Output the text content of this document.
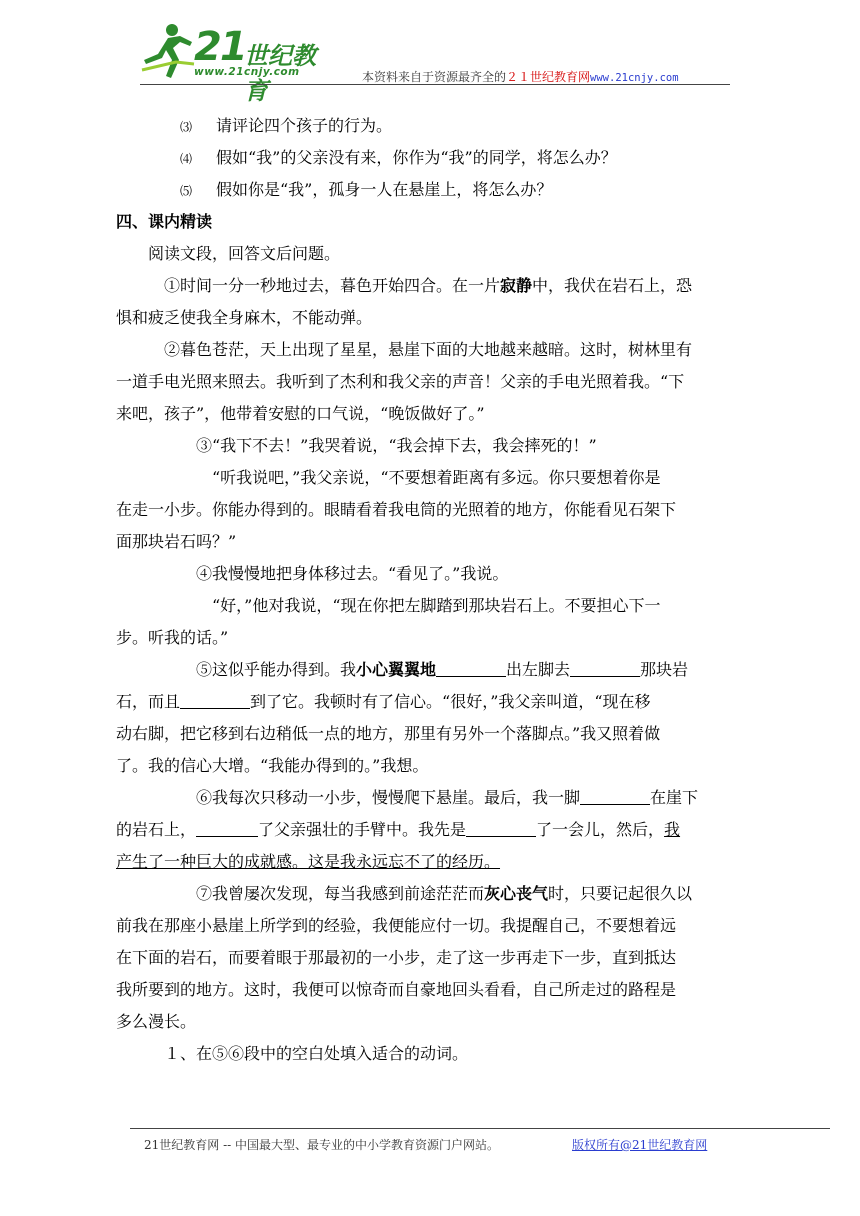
21
世纪教育
www.21cnjy.com	本资料来自于资源最齐全的２１世纪教育网www.21cnjy.com
⑶ 请评论四个孩子的行为。
⑷ 假如“我”的父亲没有来，你作为“我”的同学，将怎么办？
⑸ 假如你是“我”，孤身一人在悬崖上，将怎么办？
四、课内精读
阅读文段，回答文后问题。
①时间一分一秒地过去，暮色开始四合。在一片寂静中，我伏在岩石上，恐
惧和疲乏使我全身麻木，不能动弹。
②暮色苍茫，天上出现了星星，悬崖下面的大地越来越暗。这时，树林里有
一道手电光照来照去。我听到了杰利和我父亲的声音！父亲的手电光照着我。“下
来吧，孩子”，他带着安慰的口气说，“晚饭做好了。”
③“我下不去！”我哭着说，“我会掉下去，我会摔死的！”
“听我说吧，”我父亲说，“不要想着距离有多远。你只要想着你是
在走一小步。你能办得到的。眼睛看着我电筒的光照着的地方，你能看见石架下
面那块岩石吗？”
④我慢慢地把身体移过去。“看见了。”我说。
“好，”他对我说，“现在你把左脚踏到那块岩石上。不要担心下一
步。听我的话。”
⑤这似乎能办得到。我小心翼翼地	出左脚去	那块岩
石，而且	到了它。我顿时有了信心。“很好，”我父亲叫道，“现在移
动右脚，把它移到右边稍低一点的地方，那里有另外一个落脚点。”我又照着做
了。我的信心大增。“我能办得到的。”我想。
⑥我每次只移动一小步，慢慢爬下悬崖。最后，我一脚	在崖下
的岩石上，	了父亲强壮的手臂中。我先是	了一会儿，然后，我
产生了一种巨大的成就感。这是我永远忘不了的经历。
⑦我曾屡次发现，每当我感到前途茫茫而灰心丧气时，只要记起很久以
前我在那座小悬崖上所学到的经验，我便能应付一切。我提醒自己，不要想着远
在下面的岩石，而要着眼于那最初的一小步，走了这一步再走下一步，直到抵达
我所要到的地方。这时，我便可以惊奇而自豪地回头看看，自己所走过的路程是
多么漫长。
１、在⑤⑥段中的空白处填入适合的动词。
21世纪教育网 -- 中国最大型、最专业的中小学教育资源门户网站。	版权所有@21世纪教育网
